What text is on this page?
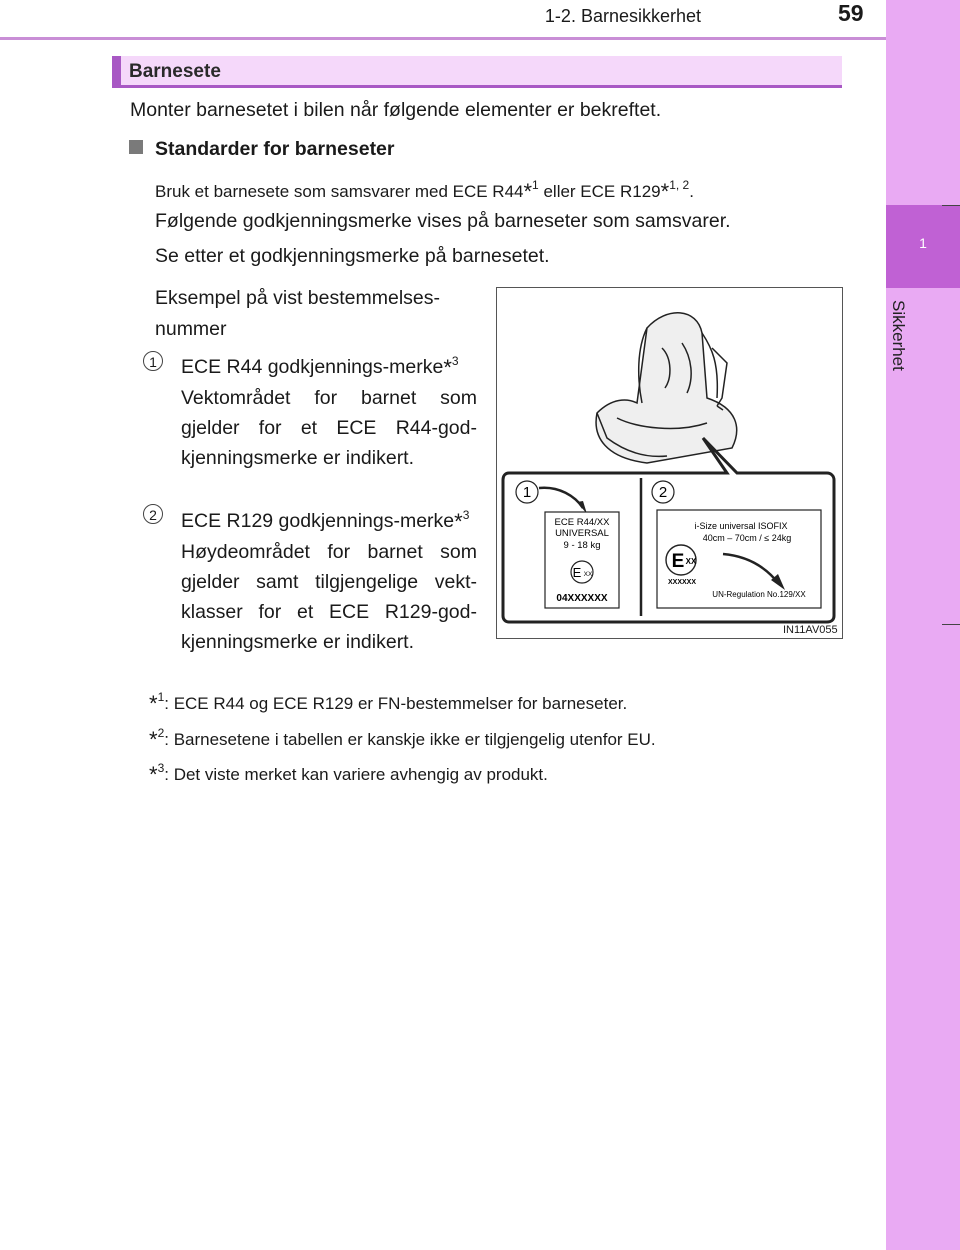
1-2. Barnesikkerhet	59
1
Sikkerhet
Barnesete
Monter barnesetet i bilen når følgende elementer er bekreftet.
Standarder for barneseter
Bruk et barnesete som samsvarer med ECE R44*$^1$ eller ECE R129*$^{1, 2}$.
Følgende godkjenningsmerke vises på barneseter som samsvarer.
Se etter et godkjenningsmerke på barnesetet.
Eksempel på vist bestemmelses-nummer
1	ECE R44 godkjennings-merke*$^3$
Vektområdet for barnet som gjelder for et ECE R44-god-kjenningsmerke er indikert.
2	ECE R129 godkjennings-merke*$^3$
Høydeområdet for barnet som gjelder samt tilgjengelige vekt-klasser for et ECE R129-god-kjenningsmerke er indikert.
1	2
ECE R44/XX
UNIVERSAL
9 - 18 kg
E XX
04XXXXXX
i-Size universal ISOFIX
40cm – 70cm / ≤ 24kg
E XX
XXXXXX
UN-Regulation No.129/XX
IN11AV055
*$^1$: ECE R44 og ECE R129 er FN-bestemmelser for barneseter.
*$^2$: Barnesetene i tabellen er kanskje ikke er tilgjengelig utenfor EU.
*$^3$: Det viste merket kan variere avhengig av produkt.
